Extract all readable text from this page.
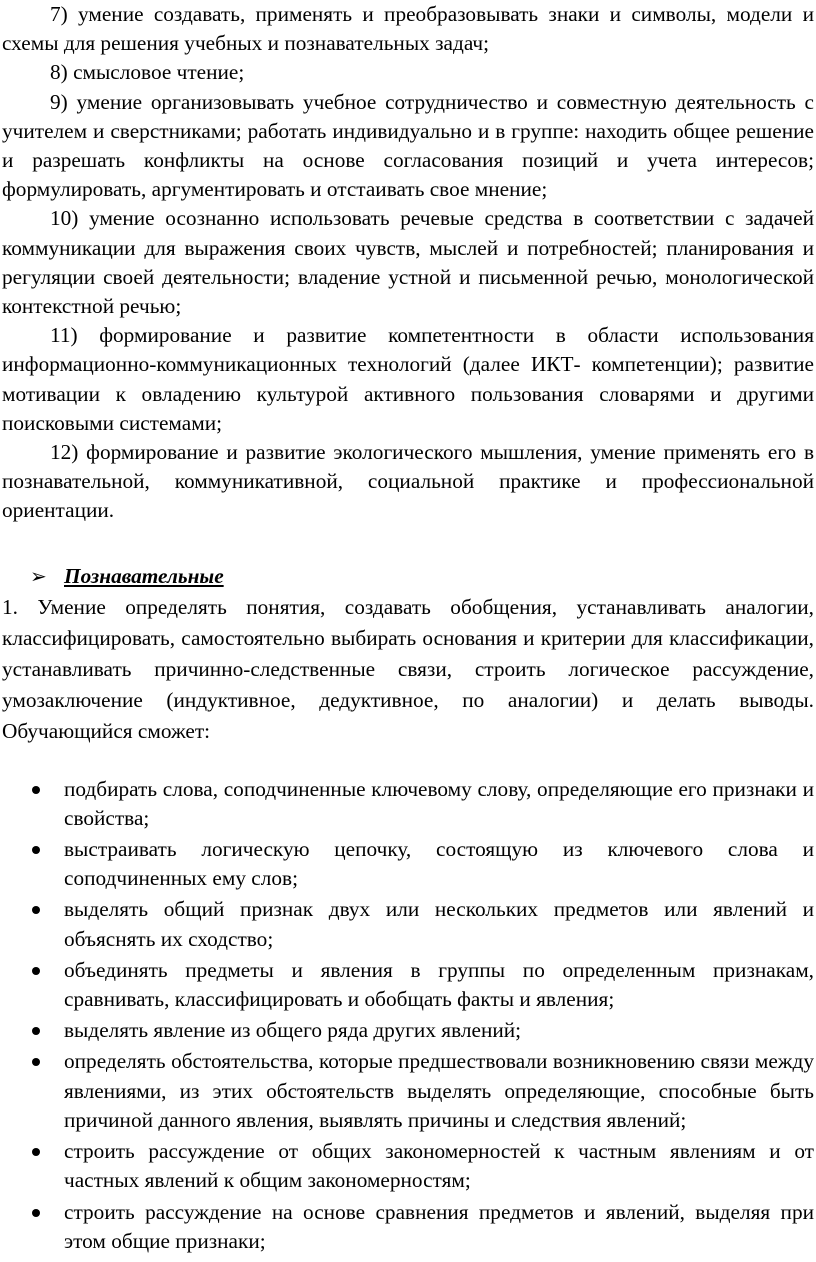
7) умение создавать, применять и преобразовывать знаки и символы, модели и схемы для решения учебных и познавательных задач;

8) смысловое чтение;

9) умение организовывать учебное сотрудничество и совместную деятельность с учителем и сверстниками; работать индивидуально и в группе: находить общее решение и разрешать конфликты на основе согласования позиций и учета интересов; формулировать, аргументировать и отстаивать свое мнение;

10) умение осознанно использовать речевые средства в соответствии с задачей коммуникации для выражения своих чувств, мыслей и потребностей; планирования и регуляции своей деятельности; владение устной и письменной речью, монологической контекстной речью;

11) формирование и развитие компетентности в области использования информационно-коммуникационных технологий (далее ИКТ- компетенции); развитие мотивации к овладению культурой активного пользования словарями и другими поисковыми системами;

12) формирование и развитие экологического мышления, умение применять его в познавательной, коммуникативной, социальной практике и профессиональной ориентации.

➢ Познавательные

1. Умение определять понятия, создавать обобщения, устанавливать аналогии, классифицировать, самостоятельно выбирать основания и критерии для классификации, устанавливать причинно-следственные связи, строить логическое рассуждение, умозаключение (индуктивное, дедуктивное, по аналогии) и делать выводы. Обучающийся сможет:

подбирать слова, соподчиненные ключевому слову, определяющие его признаки и свойства;
выстраивать логическую цепочку, состоящую из ключевого слова и соподчиненных ему слов;
выделять общий признак двух или нескольких предметов или явлений и объяснять их сходство;
объединять предметы и явления в группы по определенным признакам, сравнивать, классифицировать и обобщать факты и явления;
выделять явление из общего ряда других явлений;
определять обстоятельства, которые предшествовали возникновению связи между явлениями, из этих обстоятельств выделять определяющие, способные быть причиной данного явления, выявлять причины и следствия явлений;
строить рассуждение от общих закономерностей к частным явлениям и от частных явлений к общим закономерностям;
строить рассуждение на основе сравнения предметов и явлений, выделяя при этом общие признаки;
